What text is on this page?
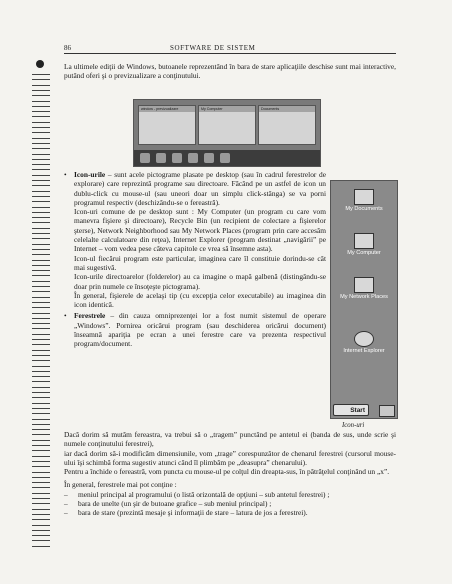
86	SOFTWARE DE SISTEM
La ultimele ediţii de Windows, butoanele reprezentând în bara de stare aplicaţiile deschise sunt mai interactive, putând oferi şi o previzualizare a conţinutului.
window - previzualizare	My Computer	Documents
• Icon-urile – sunt acele pictograme plasate pe desktop (sau în cadrul ferestrelor de explorare) care reprezintă programe sau directoare. Făcând pe un astfel de icon un dublu-click cu mouse-ul (sau uneori doar un simplu click-stânga) se va porni programul respectiv (deschizându-se o fereastră).

Icon-uri comune de pe desktop sunt : My Computer (un program cu care vom manevra fişiere şi directoare), Recycle Bin (un recipient de colectare a fişierelor şterse), Network Neighborhood sau My Network Places (program prin care accesăm celelalte calculatoare din reţea), Internet Explorer (program destinat „navigării” pe Internet – vom vedea pese câteva capitole ce vrea să însemne asta).

Icon-ul fiecărui program este particular, imaginea care îl constituie dorindu-se cât mai sugestivă.

Icon-urile directoarelor (folderelor) au ca imagine o mapă galbenă (distingându-se doar prin numele ce însoţeşte pictograma).

În general, fişierele de acelaşi tip (cu excepţia celor executabile) au imaginea din icon identică.

• Ferestrele – din cauza omniprezenţei lor a fost numit sistemul de operare „Windows”. Pornirea oricărui program (sau deschiderea oricărui document) înseamnă apariţia pe ecran a unei ferestre care va prezenta respectivul program/document.

My Documents
My Computer
My Network Places
Internet Explorer
Start
Icon-uri

Dacă dorim să mutăm fereastra, va trebui să o „tragem” punctând pe antetul ei (banda de sus, unde scrie şi numele conţinutului ferestrei),

iar dacă dorim să-i modificăm dimensiunile, vom „trage” corespunzător de chenarul ferestrei (cursorul mouse-ului îşi schimbă forma sugestiv atunci când îl plimbăm pe „deasupra” chenarului).

Pentru a închide o fereastră, vom puncta cu mouse-ul pe colţul din dreapta-sus, în pătrăţelul conţinând un „x”.

În general, ferestrele mai pot conţine :

– meniul principal al programului (o listă orizontală de opţiuni – sub antetul ferestrei) ;
– bara de unelte (un şir de butoane grafice – sub meniul principal) ;
– bara de stare (prezintă mesaje şi informaţii de stare – latura de jos a ferestrei).
